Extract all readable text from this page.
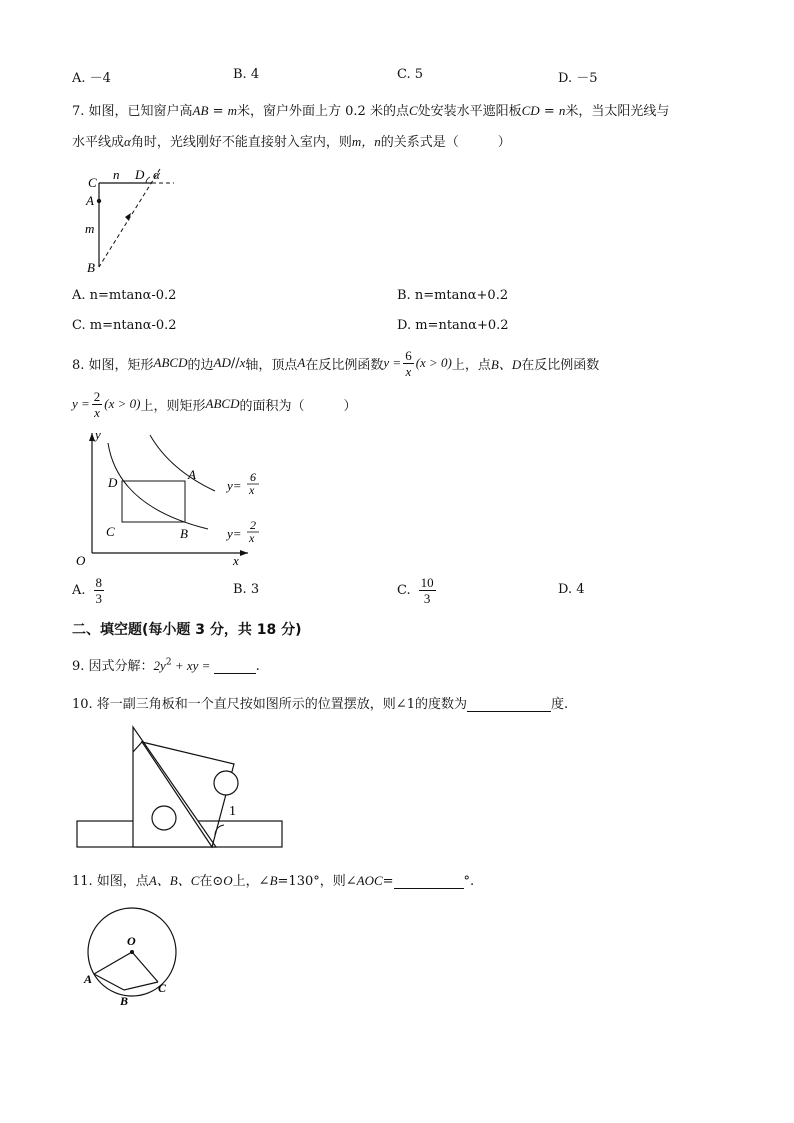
A. －4	B. 4	C. 5	D. －5
7. 如图，已知窗户高AB = m米，窗户外面上方 0.2 米的点C处安装水平遮阳板CD = n米，当太阳光线与
水平线成α角时，光线刚好不能直接射入室内，则m，n的关系式是（　　　）
C
n D α
A
m
B
A. n=mtanα-0.2	B. n=mtanα+0.2
C. m=ntanα-0.2	D. m=ntanα+0.2
8. 如图，矩形 ABCD 的边 AD // x 轴，顶点 A 在反比例函数 $y = \frac{6}{x} (x > 0)$ 上，点 B、D 在反比例函数
$y = \frac{2}{x} (x > 0)$ 上，则矩形 ABCD 的面积为（　　　）
y
x
O
A
D
C	B
y=
6
x
y=
2
x
A. $\frac{8}{3}$	B. 3	C. $\frac{10}{3}$	D. 4
二、填空题(每小题 3 分，共 18 分)
9. 因式分解：$2y^2$ + xy =	.
10. 将一副三角板和一个直尺按如图所示的位置摆放，则∠1的度数为	度.
1
11. 如图，点A、B、C在⊙O上，∠B=130°，则∠AOC=	°.
O
A
B
C
